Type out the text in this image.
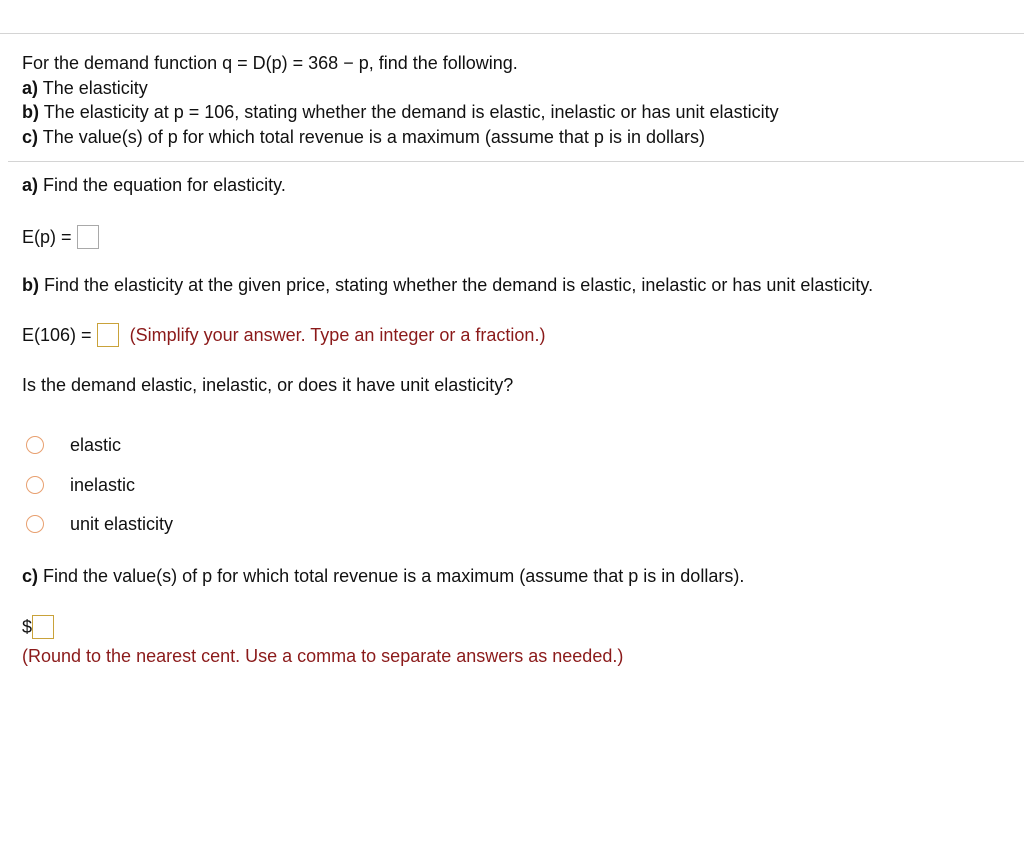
For the demand function q = D(p) = 368 − p, find the following.
a) The elasticity
b) The elasticity at p = 106, stating whether the demand is elastic, inelastic or has unit elasticity
c) The value(s) of p for which total revenue is a maximum (assume that p is in dollars)
a) Find the equation for elasticity.
E(p) =
b) Find the elasticity at the given price, stating whether the demand is elastic, inelastic or has unit elasticity.
E(106) = (Simplify your answer. Type an integer or a fraction.)
Is the demand elastic, inelastic, or does it have unit elasticity?
elastic
inelastic
unit elasticity
c) Find the value(s) of p for which total revenue is a maximum (assume that p is in dollars).
$
(Round to the nearest cent. Use a comma to separate answers as needed.)
